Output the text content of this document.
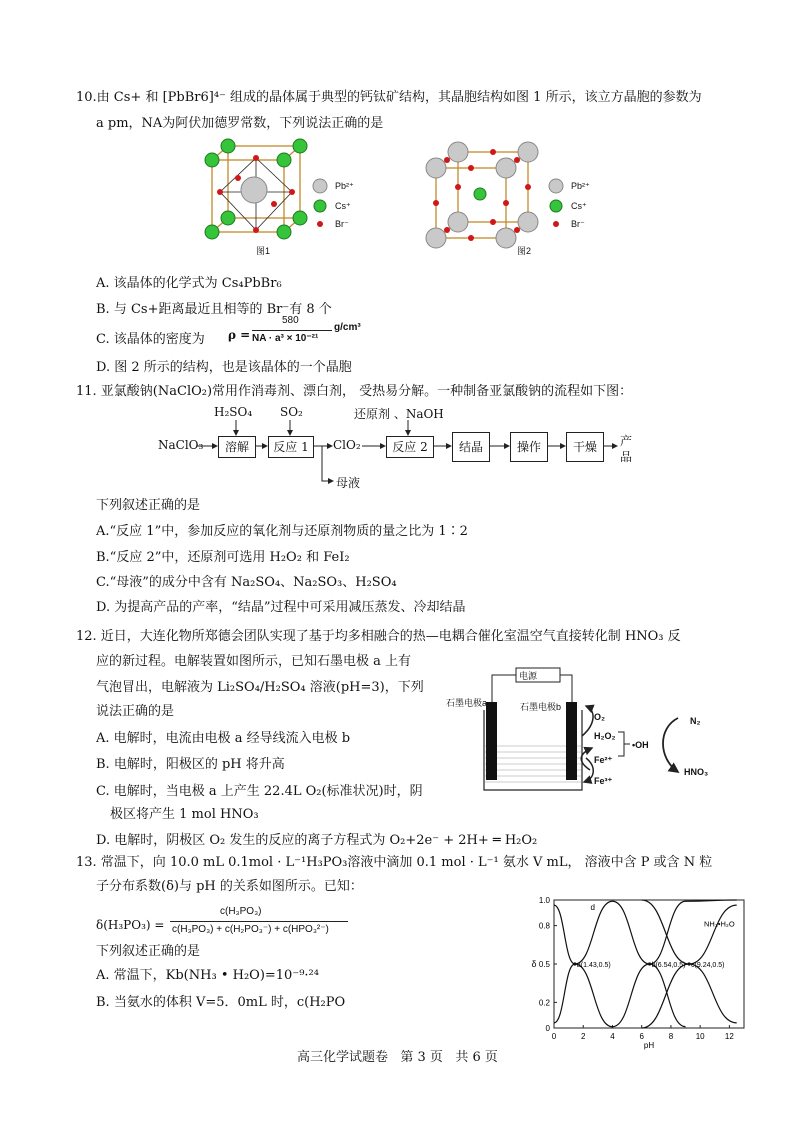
10.由 Cs+ 和 [PbBr6]⁴⁻ 组成的晶体属于典型的钙钛矿结构，其晶胞结构如图 1 所示，该立方晶胞的参数为
a pm，NA为阿伏加德罗常数，下列说法正确的是
Pb²⁺
Cs⁺
Br⁻
图1
Pb²⁺
Cs⁺
Br⁻
图2
A. 该晶体的化学式为 Cs₄PbBr₆
B. 与 Cs+距离最近且相等的 Br⁻有 8 个
C. 该晶体的密度为 ρ =
580
NA · a³ × 10⁻²¹
g/cm³
D. 图 2 所示的结构，也是该晶体的一个晶胞
11. 亚氯酸钠(NaClO₂)常用作消毒剂、漂白剂， 受热易分解。一种制备亚氯酸钠的流程如下图：
H₂SO₄ SO₂	还原剂 、NaOH
NaClO₃	溶解	反应 1	ClO₂	反应 2	结晶	操作	干燥	产
品
母液
下列叙述正确的是
A.“反应 1”中，参加反应的氧化剂与还原剂物质的量之比为 1∶2
B.“反应 2”中，还原剂可选用 H₂O₂ 和 FeI₂
C.“母液”的成分中含有 Na₂SO₄、Na₂SO₃、H₂SO₄
D. 为提高产品的产率，“结晶”过程中可采用减压蒸发、冷却结晶
12. 近日，大连化物所郑德会团队实现了基于均多相融合的热—电耦合催化室温空气直接转化制 HNO₃ 反
应的新过程。电解装置如图所示，已知石墨电极 a 上有
气泡冒出，电解液为 Li₂SO₄/H₂SO₄ 溶液(pH=3)，下列
说法正确的是
A. 电解时，电流由电极 a 经导线流入电极 b
B. 电解时，阳极区的 pH 将升高
C. 电解时，当电极 a 上产生 22.4L O₂(标准状况)时，阴
极区将产生 1 mol HNO₃
D. 电解时，阴极区 O₂ 发生的反应的离子方程式为 O₂+2e⁻ + 2H+ ═ H₂O₂
电源
石墨电极a	石墨电极b
O₂
H₂O₂
Fe²⁺
Fe³⁺
•OH
N₂
HNO₃
13. 常温下，向 10.0 mL 0.1mol · L⁻¹H₃PO₃溶液中滴加 0.1 mol · L⁻¹ 氨水 V mL， 溶液中含 P 或含 N 粒
子分布系数(δ)与 pH 的关系如图所示。已知：
δ(H₃PO₃) =
c(H₃PO₃)
c(H₃PO₃) + c(H₂PO₃⁻) + c(HPO₃²⁻)
下列叙述正确的是
A. 常温下，Kb(NH₃ • H₂O)=10⁻⁹·²⁴
B. 当氨水的体积 V=5．0mL 时，c(H₂PO
0	2	4	6	8	10	12
0
0.2
0.5
0.8
1.0
pH
δ
NH₃•H₂O
a(1.43,0.5)	b(6.54,0.5) c(9.24,0.5)
d
高三化学试题卷   第 3 页   共 6 页
